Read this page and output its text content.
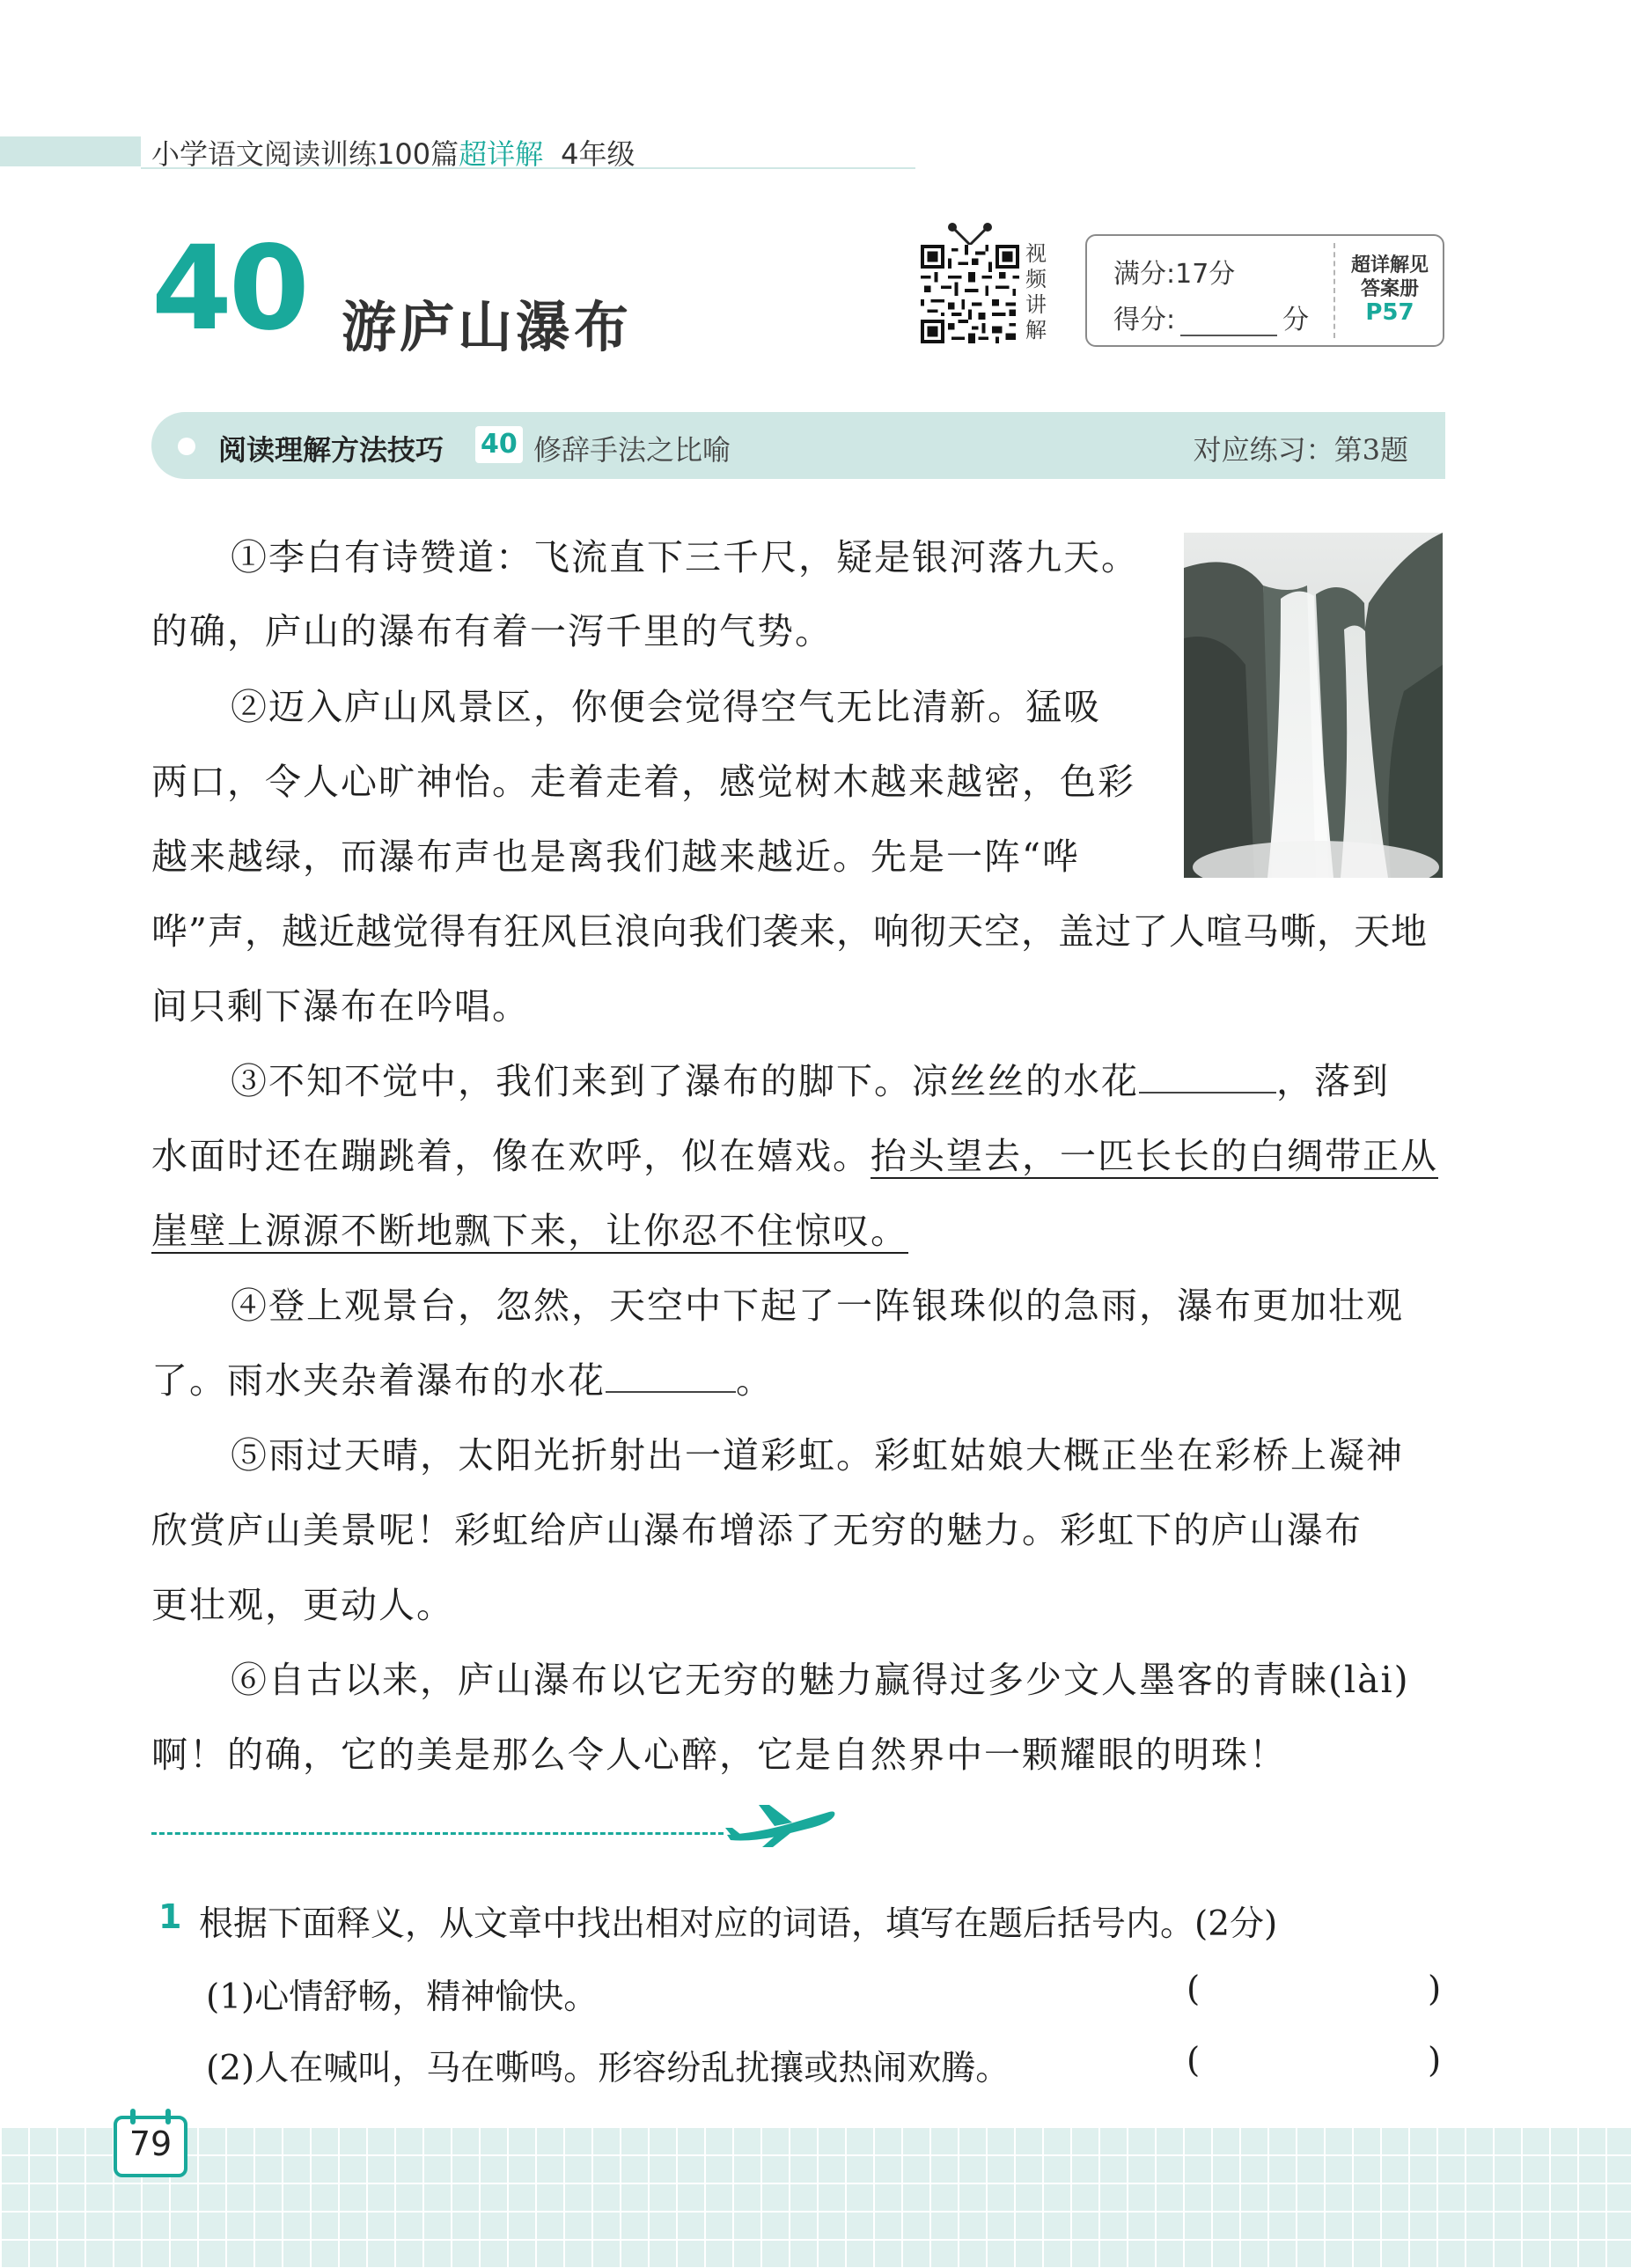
小学语文阅读训练100篇超详解 4年级
40 游庐山瀑布
视
频
讲
解
满分:17分
得分:	分
超详解见
答案册
P57
阅读理解方法技巧 40 修辞手法之比喻	对应练习：第3题
①李白有诗赞道：飞流直下三千尺，疑是银河落九天。
的确，庐山的瀑布有着一泻千里的气势。
②迈入庐山风景区，你便会觉得空气无比清新。猛吸
两口，令人心旷神怡。走着走着，感觉树木越来越密，色彩
越来越绿，而瀑布声也是离我们越来越近。先是一阵“哗
哗”声，越近越觉得有狂风巨浪向我们袭来，响彻天空，盖过了人喧马嘶，天地
间只剩下瀑布在吟唱。
③不知不觉中，我们来到了瀑布的脚下。凉丝丝的水花	，落到
水面时还在蹦跳着，像在欢呼，似在嬉戏。抬头望去，一匹长长的白绸带正从
崖壁上源源不断地飘下来，让你忍不住惊叹。
④登上观景台，忽然，天空中下起了一阵银珠似的急雨，瀑布更加壮观
了。雨水夹杂着瀑布的水花	。
⑤雨过天晴，太阳光折射出一道彩虹。彩虹姑娘大概正坐在彩桥上凝神
欣赏庐山美景呢！彩虹给庐山瀑布增添了无穷的魅力。彩虹下的庐山瀑布
更壮观，更动人。
⑥自古以来，庐山瀑布以它无穷的魅力赢得过多少文人墨客的青睐(lài)
啊！的确，它的美是那么令人心醉，它是自然界中一颗耀眼的明珠！
1 根据下面释义，从文章中找出相对应的词语，填写在题后括号内。(2分)
(1)心情舒畅，精神愉快。	(	)
(2)人在喊叫，马在嘶鸣。形容纷乱扰攘或热闹欢腾。	(	)
79
